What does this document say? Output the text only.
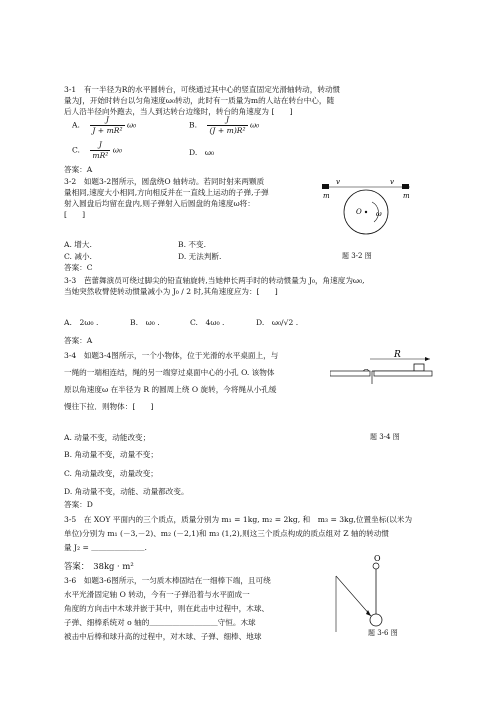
3-1　有一半径为R的水平圆转台，可绕通过其中心的竖直固定光滑轴转动，转动惯
量为J，开始时转台以匀角速度ω₀转动，此时有一质量为m的人站在转台中心，随
后人沿半径向外跑去，当人到达转台边缘时，转台的角速度为 [　　]
A. $\frac{J}{\text{J + mR²}} \omega_0$	B. $\frac{J}{\text{(J + m)R²}} \omega_0$
C. $\frac{J}{\text{mR²}} \omega_0$	D.　ω₀
答案：A
3-2　如题3-2图所示，圆盘绕O 轴转动。若同时射来两颗质
量相同,速度大小相同,方向相反并在一直线上运动的子弹,子弹
射入圆盘后均留在盘内,则子弹射入后圆盘的角速度ω将：
[　　]
v	v
m	m
O ω
A. 增大.	B. 不变.
C. 减小.	D. 无法判断.	题 3-2 图
答案：C
3-3　芭蕾舞演员可绕过脚尖的铅直轴旋转,当她伸长两手时的转动惯量为 J₀，角速度为ω₀,
当她突然收臂使转动惯量减小为 J₀ / 2 时,其角速度应为：[　　]
A.　2ω₀ .	B.　ω₀ .	C.　4ω₀ .	D.　ω₀/√2 .
答案：A
3-4　如题3-4图所示，一个小物体，位于光滑的水平桌面上，与
一绳的一端相连结，绳的另一端穿过桌面中心的小孔 O. 该物体
原以角速度ω 在半径为 R 的圆周上绕 O 旋转，今将绳从小孔缓
慢往下拉．则物体：[　　]
R
A. 动量不变，动能改变；	题 3-4 图
B. 角动量不变，动量不变；
C. 角动量改变，动量改变；
D. 角动量不变，动能、动量都改变。
答案：D
3-5　在 XOY 平面内的三个质点，质量分别为 m₁ = 1kg, m₂ = 2kg, 和　m₃ = 3kg,位置坐标(以米为
单位)分别为 m₁ (－3,－2)、m₂ (－2,1)和 m₃ (1,2),则这三个质点构成的质点组对 Z 轴的转动惯
量 J₂ = ＿＿＿＿＿＿＿.
答案：　38kg · m²
3-6　如题3-6图所示，一匀质木棒固结在一细棒下端，且可绕
水平光滑固定轴 O 转动，今有一子弹沿着与水平面成一
角度的方向击中木球并嵌于其中，则在此击中过程中，木球、
子弹、细棒系统对 o 轴的＿＿＿＿＿＿＿＿＿守恒。木球
被击中后棒和球升高的过程中，对木球、子弹、细棒、地球
O
题 3-6 图
